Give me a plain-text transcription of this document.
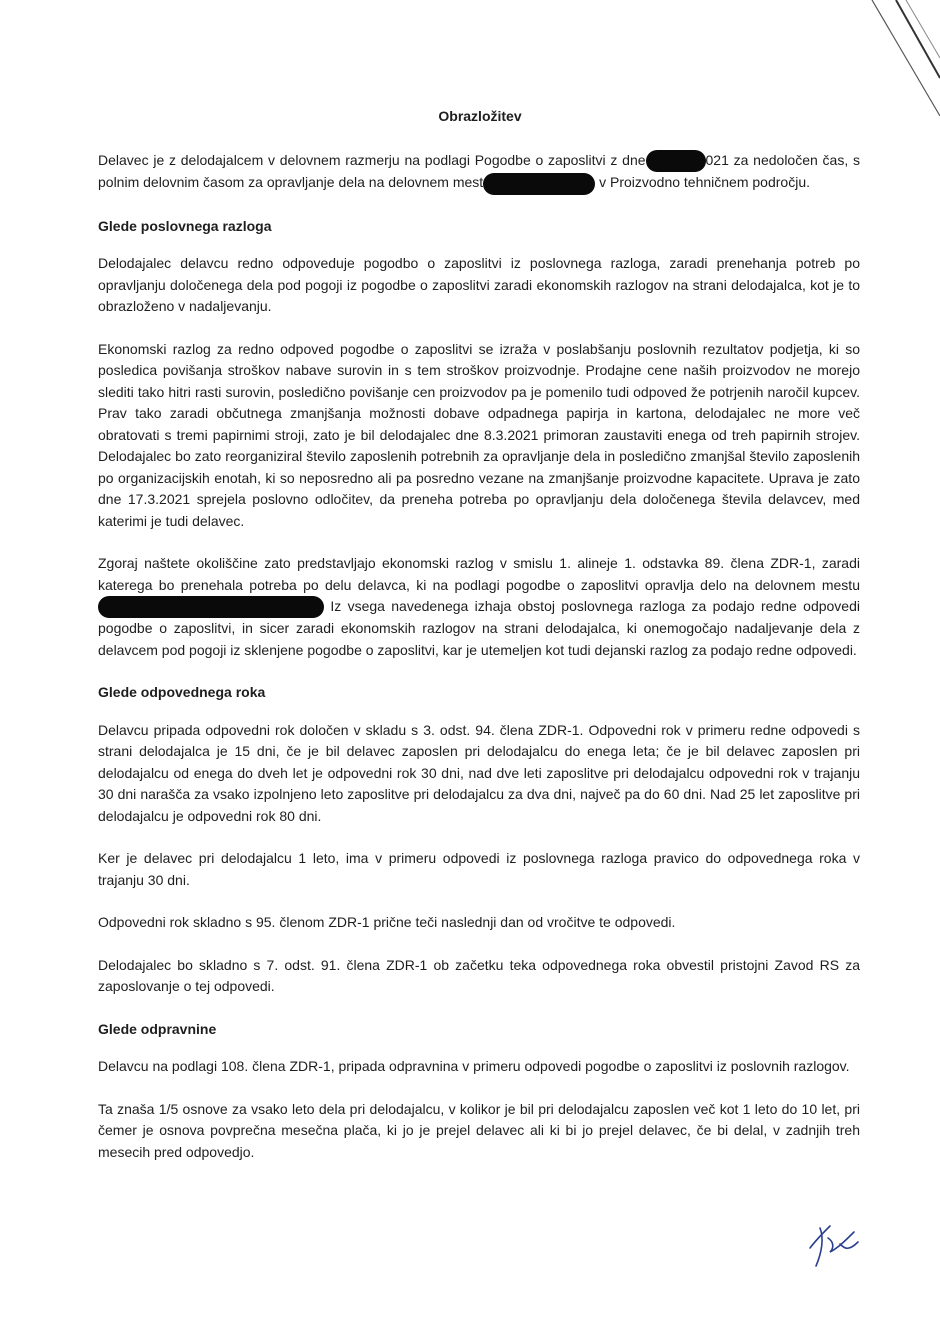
Obrazložitev

Delavec je z delodajalcem v delovnem razmerju na podlagi Pogodbe o zaposlitvi z dne	021 za nedoločen čas, s polnim delovnim časom za opravljanje dela na delovnem mest	v Proizvodno tehničnem področju.

Glede poslovnega razloga

Delodajalec delavcu redno odpoveduje pogodbo o zaposlitvi iz poslovnega razloga, zaradi prenehanja potreb po opravljanju določenega dela pod pogoji iz pogodbe o zaposlitvi zaradi ekonomskih razlogov na strani delodajalca, kot je to obrazloženo v nadaljevanju.

Ekonomski razlog za redno odpoved pogodbe o zaposlitvi se izraža v poslabšanju poslovnih rezultatov podjetja, ki so posledica povišanja stroškov nabave surovin in s tem stroškov proizvodnje. Prodajne cene naših proizvodov ne morejo slediti tako hitri rasti surovin, posledično povišanje cen proizvodov pa je pomenilo tudi odpoved že potrjenih naročil kupcev. Prav tako zaradi občutnega zmanjšanja možnosti dobave odpadnega papirja in kartona, delodajalec ne more več obratovati s tremi papirnimi stroji, zato je bil delodajalec dne 8.3.2021 primoran zaustaviti enega od treh papirnih strojev. Delodajalec bo zato reorganiziral število zaposlenih potrebnih za opravljanje dela in posledično zmanjšal število zaposlenih po organizacijskih enotah, ki so neposredno ali pa posredno vezane na zmanjšanje proizvodne kapacitete. Uprava je zato dne 17.3.2021 sprejela poslovno odločitev, da preneha potreba po opravljanju dela določenega števila delavcev, med katerimi je tudi delavec.

Zgoraj naštete okoliščine zato predstavljajo ekonomski razlog v smislu 1. alineje 1. odstavka 89. člena ZDR-1, zaradi katerega bo prenehala potreba po delu delavca, ki na podlagi pogodbe o zaposlitvi opravlja delo na delovnem mestu  Iz vsega navedenega izhaja obstoj poslovnega razloga za podajo redne odpovedi pogodbe o zaposlitvi, in sicer zaradi ekonomskih razlogov na strani delodajalca, ki onemogočajo nadaljevanje dela z delavcem pod pogoji iz sklenjene pogodbe o zaposlitvi, kar je utemeljen kot tudi dejanski razlog za podajo redne odpovedi.

Glede odpovednega roka

Delavcu pripada odpovedni rok določen v skladu s 3. odst. 94. člena ZDR-1. Odpovedni rok v primeru redne odpovedi s strani delodajalca je 15 dni, če je bil delavec zaposlen pri delodajalcu do enega leta; če je bil delavec zaposlen pri delodajalcu od enega do dveh let je odpovedni rok 30 dni, nad dve leti zaposlitve pri delodajalcu odpovedni rok v trajanju 30 dni narašča za vsako izpolnjeno leto zaposlitve pri delodajalcu za dva dni, največ pa do 60 dni. Nad 25 let zaposlitve pri delodajalcu je odpovedni rok 80 dni.

Ker je delavec pri delodajalcu 1 leto, ima v primeru odpovedi iz poslovnega razloga pravico do odpovednega roka v trajanju 30 dni.

Odpovedni rok skladno s 95. členom ZDR-1 prične teči naslednji dan od vročitve te odpovedi.

Delodajalec bo skladno s 7. odst. 91. člena ZDR-1 ob začetku teka odpovednega roka obvestil pristojni Zavod RS za zaposlovanje o tej odpovedi.

Glede odpravnine

Delavcu na podlagi 108. člena ZDR-1, pripada odpravnina v primeru odpovedi pogodbe o zaposlitvi iz poslovnih razlogov.

Ta znaša 1/5 osnove za vsako leto dela pri delodajalcu, v kolikor je bil pri delodajalcu zaposlen več kot 1 leto do 10 let, pri čemer je osnova povprečna mesečna plača, ki jo je prejel delavec ali ki bi jo prejel delavec, če bi delal, v zadnjih treh mesecih pred odpovedjo.
